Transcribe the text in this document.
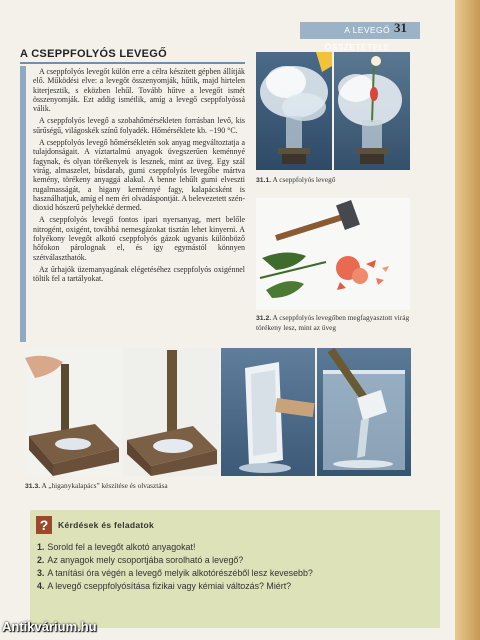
A LEVEGŐ ÖSSZETÉTELE
31
A CSEPPFOLYÓS LEVEGŐ

A cseppfolyós levegőt külön erre a célra készített gépben állítják elő. Működési elve: a levegőt összenyomják, hűtik, majd hirtelen kiterjesztik, s eközben lehűl. Tovább hűtve a levegőt ismét összenyomják. Ezt addig ismétlik, amíg a levegő cseppfolyóssá válik.

A cseppfolyós levegő a szobahőmérsékleten forrásban levő, kis sűrűségű, világoskék színű folyadék. Hőmérséklete kb. −190 °C.

A cseppfolyós levegő hőmérsékletén sok anyag megváltoztatja a tulajdonságait. A víztartalmú anyagok üvegszerűen keménnyé fagynak, és olyan törékenyek is lesznek, mint az üveg. Egy szál virág, almaszelet, búsdarab, gumi cseppfolyós levegőbe mártva kemény, törékeny anyaggá alakul. A benne lehűlt gumi elveszti rugalmasságát, a higany keménnyé fagy, kalapácsként is használhatjuk, amíg el nem éri olvadáspontját. A belevezetett szén-dioxid hószerű pelyhekké dermed.

A cseppfolyós levegő fontos ipari nyersanyag, mert belőle nitrogént, oxigént, továbbá nemesgázokat tisztán lehet kinyerni. A folyékony levegőt alkotó cseppfolyós gázok ugyanis különböző hőfokon párolognak el, és így egymástól könnyen szétválaszthatók.

Az űrhajók üzemanyagának elégetéséhez cseppfolyós oxigénnel töltik fel a tartályokat.

31.1. A cseppfolyós levegő
31.2. A cseppfolyós levegőben megfagyasztott virág törékeny lesz, mint az üveg
31.3. A „higanykalapács” készítése és olvasztása
?	Kérdések és feladatok
1. Sorold fel a levegőt alkotó anyagokat!
2. Az anyagok mely csoportjába sorolható a levegő?
3. A tanítási óra végén a levegő melyik alkotórészéből lesz kevesebb?
4. A levegő cseppfolyósítása fizikai vagy kémiai változás? Miért?
Antikvárium.hu
